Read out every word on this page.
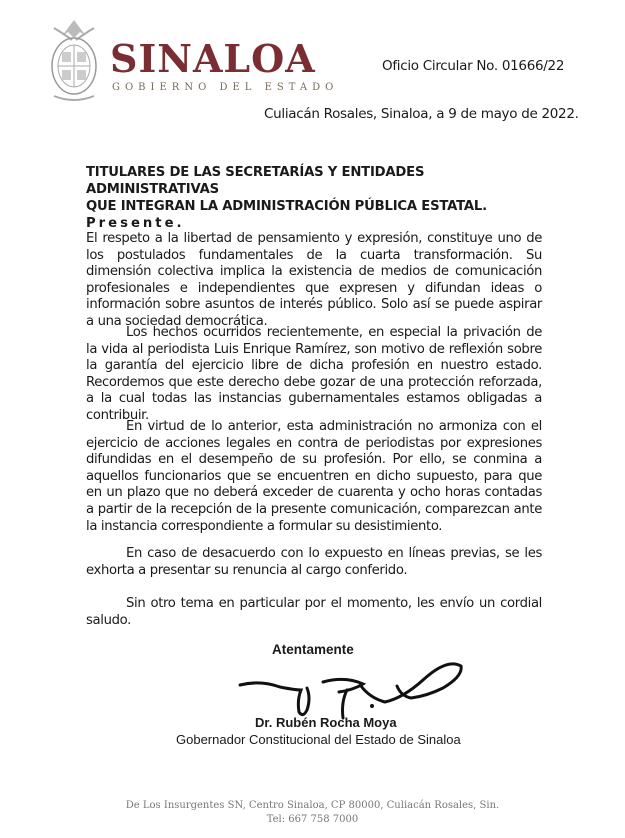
SINALOA
GOBIERNO DEL ESTADO
Oficio Circular No. 01666/22
Culiacán Rosales, Sinaloa, a 9 de mayo de 2022.
TITULARES DE LAS SECRETARÍAS Y ENTIDADES ADMINISTRATIVAS
QUE INTEGRAN LA ADMINISTRACIÓN PÚBLICA ESTATAL.
Presente.
El respeto a la libertad de pensamiento y expresión, constituye uno de los postulados fundamentales de la cuarta transformación. Su dimensión colectiva implica la existencia de medios de comunicación profesionales e independientes que expresen y difundan ideas o información sobre asuntos de interés público. Solo así se puede aspirar a una sociedad democrática.
Los hechos ocurridos recientemente, en especial la privación de la vida al periodista Luis Enrique Ramírez, son motivo de reflexión sobre la garantía del ejercicio libre de dicha profesión en nuestro estado. Recordemos que este derecho debe gozar de una protección reforzada, a la cual todas las instancias gubernamentales estamos obligadas a contribuir.
En virtud de lo anterior, esta administración no armoniza con el ejercicio de acciones legales en contra de periodistas por expresiones difundidas en el desempeño de su profesión. Por ello, se conmina a aquellos funcionarios que se encuentren en dicho supuesto, para que en un plazo que no deberá exceder de cuarenta y ocho horas contadas a partir de la recepción de la presente comunicación, comparezcan ante la instancia correspondiente a formular su desistimiento.
En caso de desacuerdo con lo expuesto en líneas previas, se les exhorta a presentar su renuncia al cargo conferido.
Sin otro tema en particular por el momento, les envío un cordial saludo.
Atentamente
Dr. Rubén Rocha Moya
Gobernador Constitucional del Estado de Sinaloa
De Los Insurgentes SN, Centro Sinaloa, CP 80000, Culiacán Rosales, Sin.
Tel: 667 758 7000
